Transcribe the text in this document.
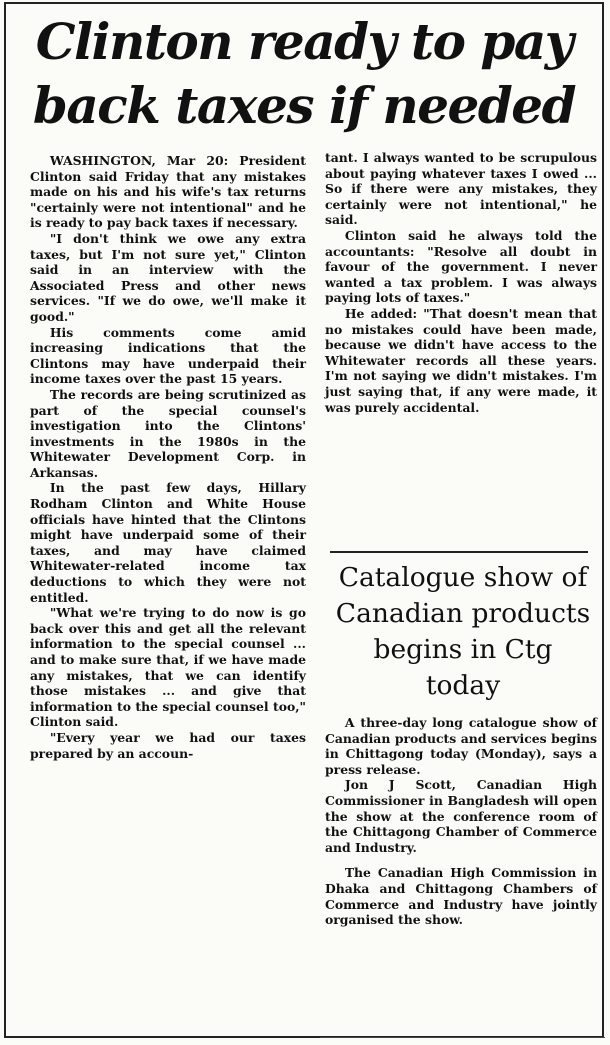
Clinton ready to pay
back taxes if needed

WASHINGTON, Mar 20: President Clinton said Friday that any mistakes made on his and his wife's tax returns "certainly were not intentional" and he is ready to pay back taxes if necessary.

"I don't think we owe any extra taxes, but I'm not sure yet," Clinton said in an interview with the Associated Press and other news services. "If we do owe, we'll make it good."

His comments come amid increasing indications that the Clintons may have underpaid their income taxes over the past 15 years.

The records are being scrutinized as part of the special counsel's investigation into the Clintons' investments in the 1980s in the Whitewater Development Corp. in Arkansas.

In the past few days, Hillary Rodham Clinton and White House officials have hinted that the Clintons might have underpaid some of their taxes, and may have claimed Whitewater-related income tax deductions to which they were not entitled.

"What we're trying to do now is go back over this and get all the relevant information to the special counsel ... and to make sure that, if we have made any mistakes, that we can identify those mistakes ... and give that information to the special counsel too," Clinton said.

"Every year we had our taxes prepared by an accoun-

tant. I always wanted to be scrupulous about paying whatever taxes I owed ... So if there were any mistakes, they certainly were not intentional," he said.

Clinton said he always told the accountants: "Resolve all doubt in favour of the government. I never wanted a tax problem. I was always paying lots of taxes."

He added: "That doesn't mean that no mistakes could have been made, because we didn't have access to the Whitewater records all these years. I'm not saying we didn't mistakes. I'm just saying that, if any were made, it was purely accidental.

Catalogue show of
Canadian products
begins in Ctg
today

A three-day long catalogue show of Canadian products and services begins in Chittagong today (Monday), says a press release.

Jon J Scott, Canadian High Commissioner in Bangladesh will open the show at the conference room of the Chittagong Chamber of Commerce and Industry.

The Canadian High Commission in Dhaka and Chittagong Chambers of Commerce and Industry have jointly organised the show.
